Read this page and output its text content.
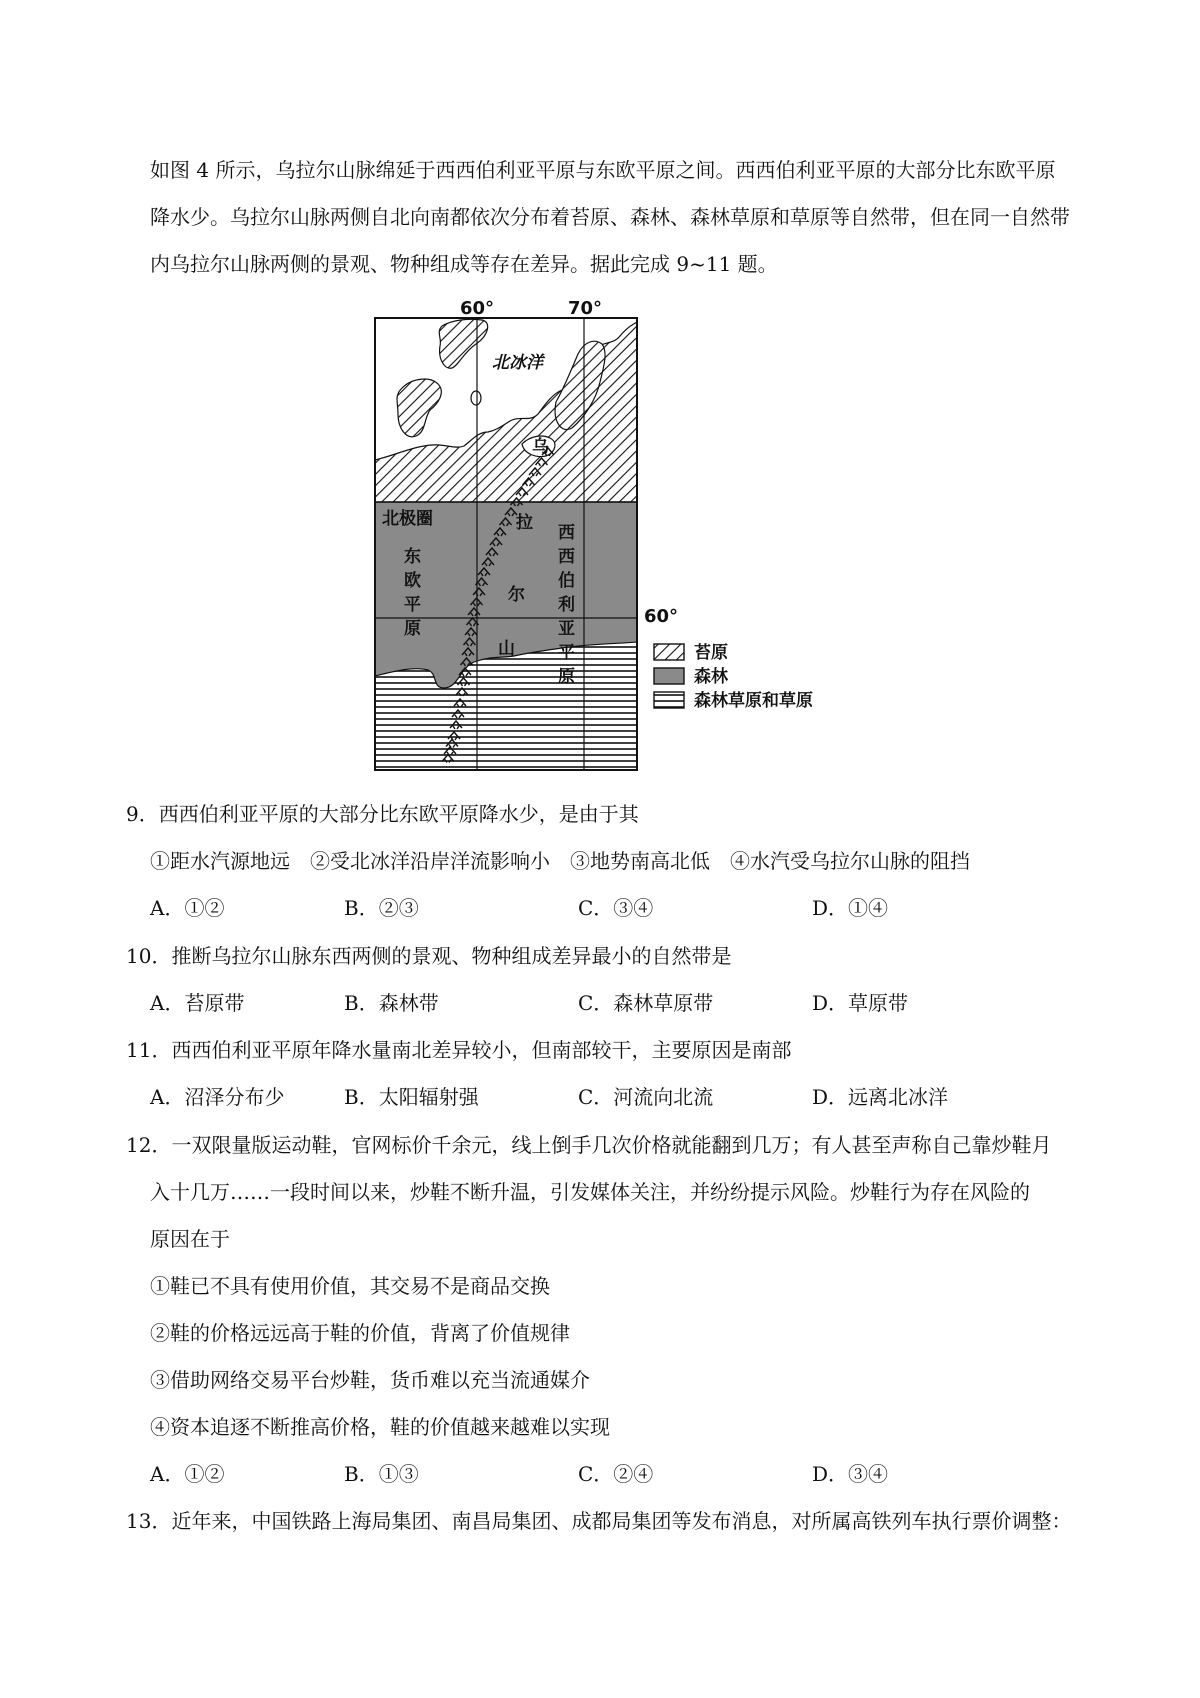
如图 4 所示，乌拉尔山脉绵延于西西伯利亚平原与东欧平原之间。西西伯利亚平原的大部分比东欧平原
降水少。乌拉尔山脉两侧自北向南都依次分布着苔原、森林、森林草原和草原等自然带，但在同一自然带
内乌拉尔山脉两侧的景观、物种组成等存在差异。据此完成 9~11 题。
60°	70°
60°
北冰洋
北极圈
乌
拉
尔
山
东
欧
平
原
西
西
伯
利
亚
平
原
苔原
森林
森林草原和草原
9．西西伯利亚平原的大部分比东欧平原降水少，是由于其
①距水汽源地远　②受北冰洋沿岸洋流影响小　③地势南高北低　④水汽受乌拉尔山脉的阻挡
A．①②	B．②③	C．③④	D．①④
10．推断乌拉尔山脉东西两侧的景观、物种组成差异最小的自然带是
A．苔原带	B．森林带	C．森林草原带	D．草原带
11．西西伯利亚平原年降水量南北差异较小，但南部较干，主要原因是南部
A．沼泽分布少	B．太阳辐射强	C．河流向北流	D．远离北冰洋
12．一双限量版运动鞋，官网标价千余元，线上倒手几次价格就能翻到几万；有人甚至声称自己靠炒鞋月
入十几万……一段时间以来，炒鞋不断升温，引发媒体关注，并纷纷提示风险。炒鞋行为存在风险的
原因在于
①鞋已不具有使用价值，其交易不是商品交换
②鞋的价格远远高于鞋的价值，背离了价值规律
③借助网络交易平台炒鞋，货币难以充当流通媒介
④资本追逐不断推高价格，鞋的价值越来越难以实现
A．①②	B．①③	C．②④	D．③④
13．近年来，中国铁路上海局集团、南昌局集团、成都局集团等发布消息，对所属高铁列车执行票价调整：
